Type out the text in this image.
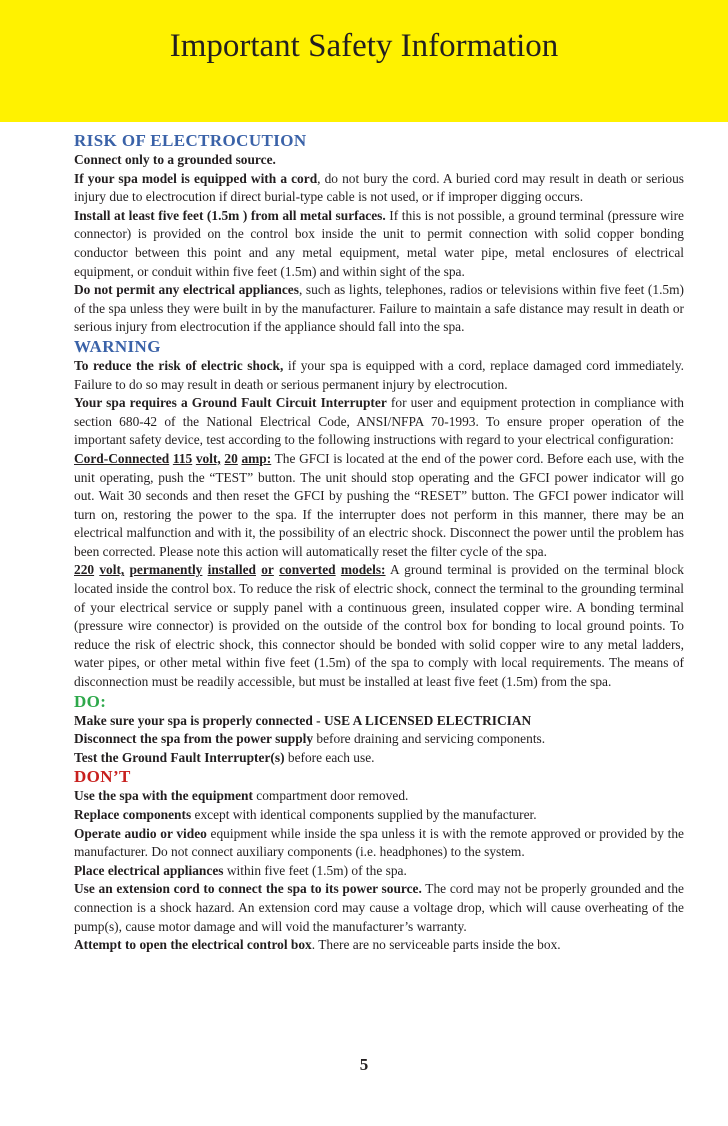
Important Safety Information
RISK OF ELECTROCUTION

Connect only to a grounded source.

If your spa model is equipped with a cord, do not bury the cord. A buried cord may result in death or serious injury due to electrocution if direct burial-type cable is not used, or if improper digging occurs.

Install at least five feet (1.5m ) from all metal surfaces. If this is not possible, a ground terminal (pressure wire connector) is provided on the control box inside the unit to permit connection with solid copper bonding conductor between this point and any metal equipment, metal water pipe, metal enclosures of electrical equipment, or conduit within five feet (1.5m) and within sight of the spa.

Do not permit any electrical appliances, such as lights, telephones, radios or televisions within five feet (1.5m) of the spa unless they were built in by the manufacturer. Failure to maintain a safe distance may result in death or serious injury from electrocution if the appliance should fall into the spa.

WARNING

To reduce the risk of electric shock, if your spa is equipped with a cord, replace damaged cord immediately. Failure to do so may result in death or serious permanent injury by electrocution.

Your spa requires a Ground Fault Circuit Interrupter for user and equipment protection in compliance with section 680-42 of the National Electrical Code, ANSI/NFPA 70-1993. To ensure proper operation of the important safety device, test according to the following instructions with regard to your electrical configuration:

Cord-Connected 115 volt, 20 amp: The GFCI is located at the end of the power cord. Before each use, with the unit operating, push the “TEST” button. The unit should stop operating and the GFCI power indicator will go out. Wait 30 seconds and then reset the GFCI by pushing the “RESET” button. The GFCI power indicator will turn on, restoring the power to the spa. If the interrupter does not perform in this manner, there may be an electrical malfunction and with it, the possibility of an electric shock. Disconnect the power until the problem has been corrected. Please note this action will automatically reset the filter cycle of the spa.

220 volt, permanently installed or converted models: A ground terminal is provided on the terminal block located inside the control box. To reduce the risk of electric shock, connect the terminal to the grounding terminal of your electrical service or supply panel with a continuous green, insulated copper wire. A bonding terminal (pressure wire connector) is provided on the outside of the control box for bonding to local ground points. To reduce the risk of electric shock, this connector should be bonded with solid copper wire to any metal ladders, water pipes, or other metal within five feet (1.5m) of the spa to comply with local requirements. The means of disconnection must be readily accessible, but must be installed at least five feet (1.5m) from the spa.

DO:

Make sure your spa is properly connected - USE A LICENSED ELECTRICIAN

Disconnect the spa from the power supply before draining and servicing components.

Test the Ground Fault Interrupter(s) before each use.

DON’T

Use the spa with the equipment compartment door removed.

Replace components except with identical components supplied by the manufacturer.

Operate audio or video equipment while inside the spa unless it is with the remote approved or provided by the manufacturer. Do not connect auxiliary components (i.e. headphones) to the system.

Place electrical appliances within five feet (1.5m) of the spa.

Use an extension cord to connect the spa to its power source. The cord may not be properly grounded and the connection is a shock hazard. An extension cord may cause a voltage drop, which will cause overheating of the pump(s), cause motor damage and will void the manufacturer’s warranty.

Attempt to open the electrical control box. There are no serviceable parts inside the box.

5
